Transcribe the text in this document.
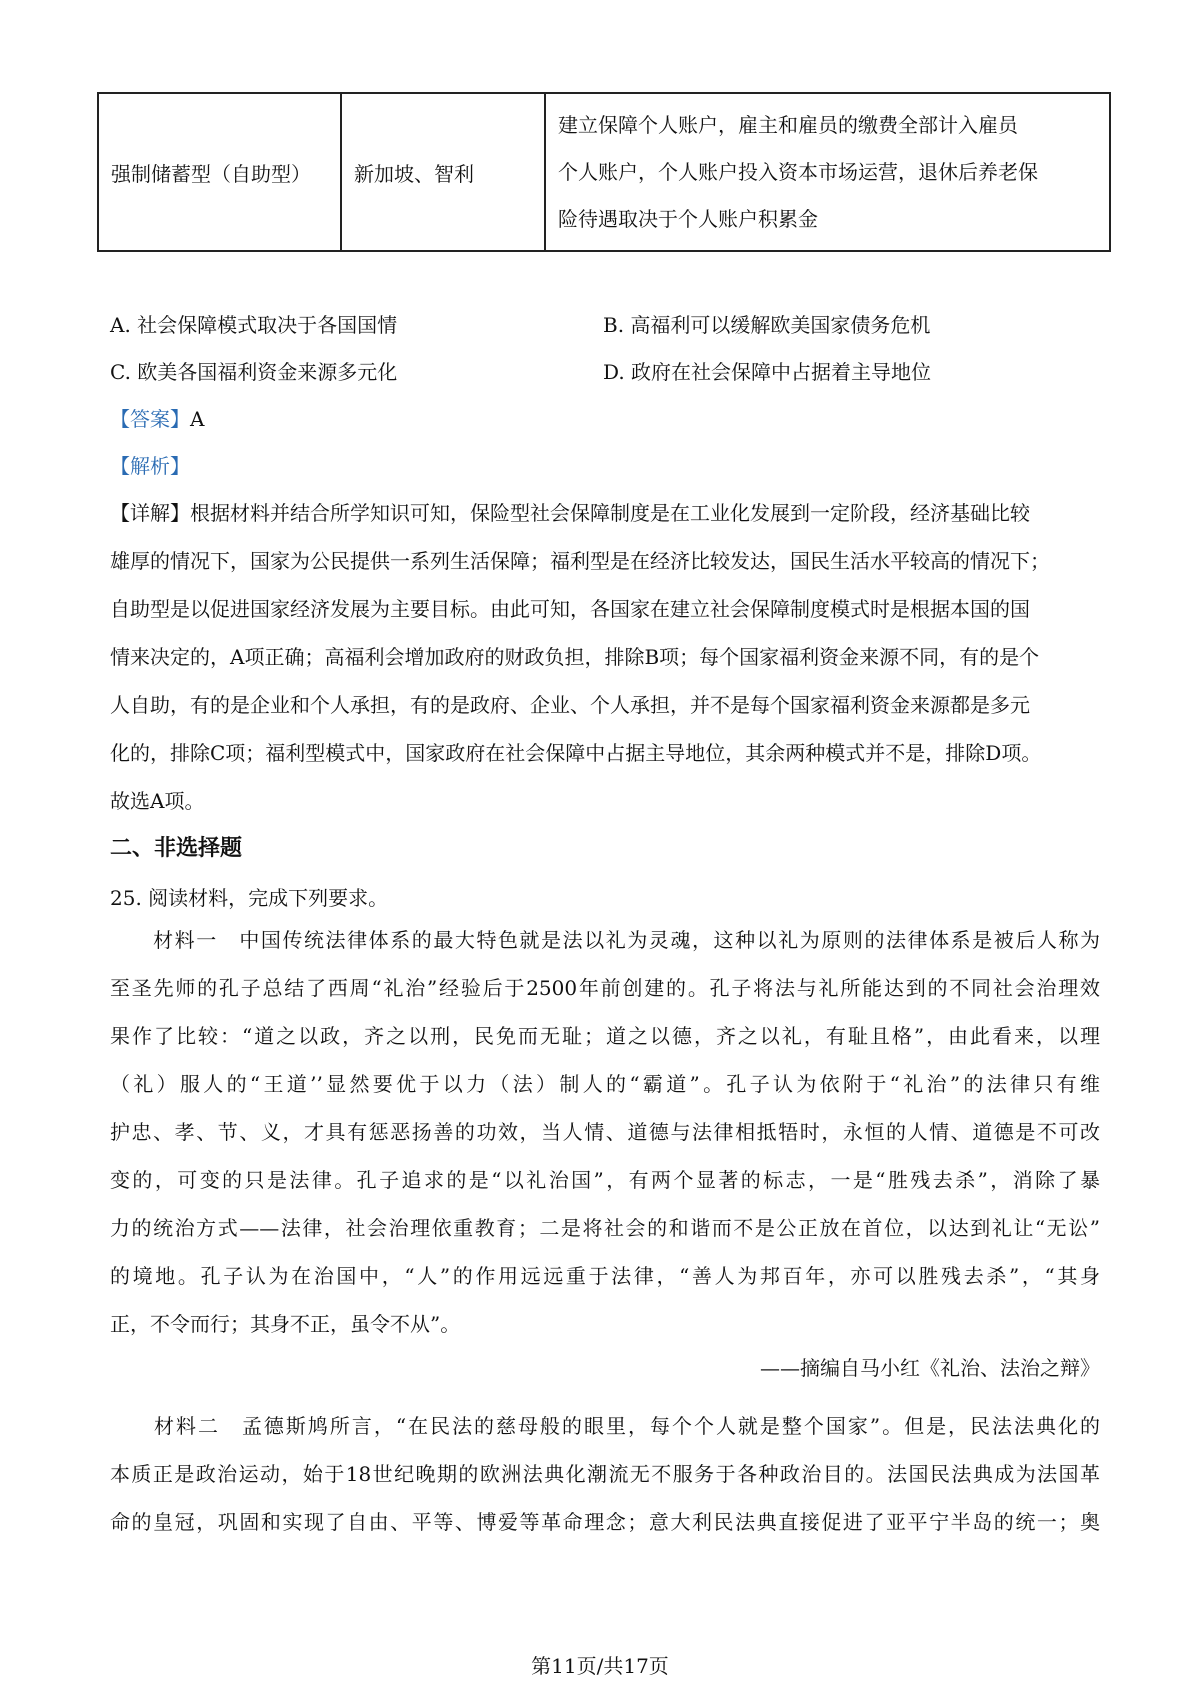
强制储蓄型（自助型）	新加坡、智利	
建立保障个人账户，雇主和雇员的缴费全部计入雇员
个人账户，个人账户投入资本市场运营，退休后养老保
险待遇取决于个人账户积累金
A. 社会保障模式取决于各国国情	B. 高福利可以缓解欧美国家债务危机
C. 欧美各国福利资金来源多元化	D. 政府在社会保障中占据着主导地位
【答案】A
【解析】
【详解】根据材料并结合所学知识可知，保险型社会保障制度是在工业化发展到一定阶段，经济基础比较
雄厚的情况下，国家为公民提供一系列生活保障；福利型是在经济比较发达，国民生活水平较高的情况下；
自助型是以促进国家经济发展为主要目标。由此可知，各国家在建立社会保障制度模式时是根据本国的国
情来决定的，A项正确；高福利会增加政府的财政负担，排除B项；每个国家福利资金来源不同，有的是个
人自助，有的是企业和个人承担，有的是政府、企业、个人承担，并不是每个国家福利资金来源都是多元
化的，排除C项；福利型模式中，国家政府在社会保障中占据主导地位，其余两种模式并不是，排除D项。
故选A项。
二、非选择题
25. 阅读材料，完成下列要求。
　　材料一　中国传统法律体系的最大特色就是法以礼为灵魂，这种以礼为原则的法律体系是被后人称为
至圣先师的孔子总结了西周“礼治”经验后于2500年前创建的。孔子将法与礼所能达到的不同社会治理效
果作了比较：“道之以政，齐之以刑，民免而无耻；道之以德，齐之以礼，有耻且格”，由此看来，以理
（礼）服人的“王道’’显然要优于以力（法）制人的“霸道”。孔子认为依附于“礼治”的法律只有维
护忠、孝、节、义，才具有惩恶扬善的功效，当人情、道德与法律相抵牾时，永恒的人情、道德是不可改
变的，可变的只是法律。孔子追求的是“以礼治国”，有两个显著的标志，一是“胜残去杀”，消除了暴
力的统治方式——法律，社会治理依重教育；二是将社会的和谐而不是公正放在首位，以达到礼让“无讼”
的境地。孔子认为在治国中，“人”的作用远远重于法律，“善人为邦百年，亦可以胜残去杀”，“其身
正，不令而行；其身不正，虽令不从”。
——摘编自马小红《礼治、法治之辩》
　　材料二　孟德斯鸠所言，“在民法的慈母般的眼里，每个个人就是整个国家”。但是，民法法典化的
本质正是政治运动，始于18世纪晚期的欧洲法典化潮流无不服务于各种政治目的。法国民法典成为法国革
命的皇冠，巩固和实现了自由、平等、博爱等革命理念；意大利民法典直接促进了亚平宁半岛的统一；奥
第11页/共17页
